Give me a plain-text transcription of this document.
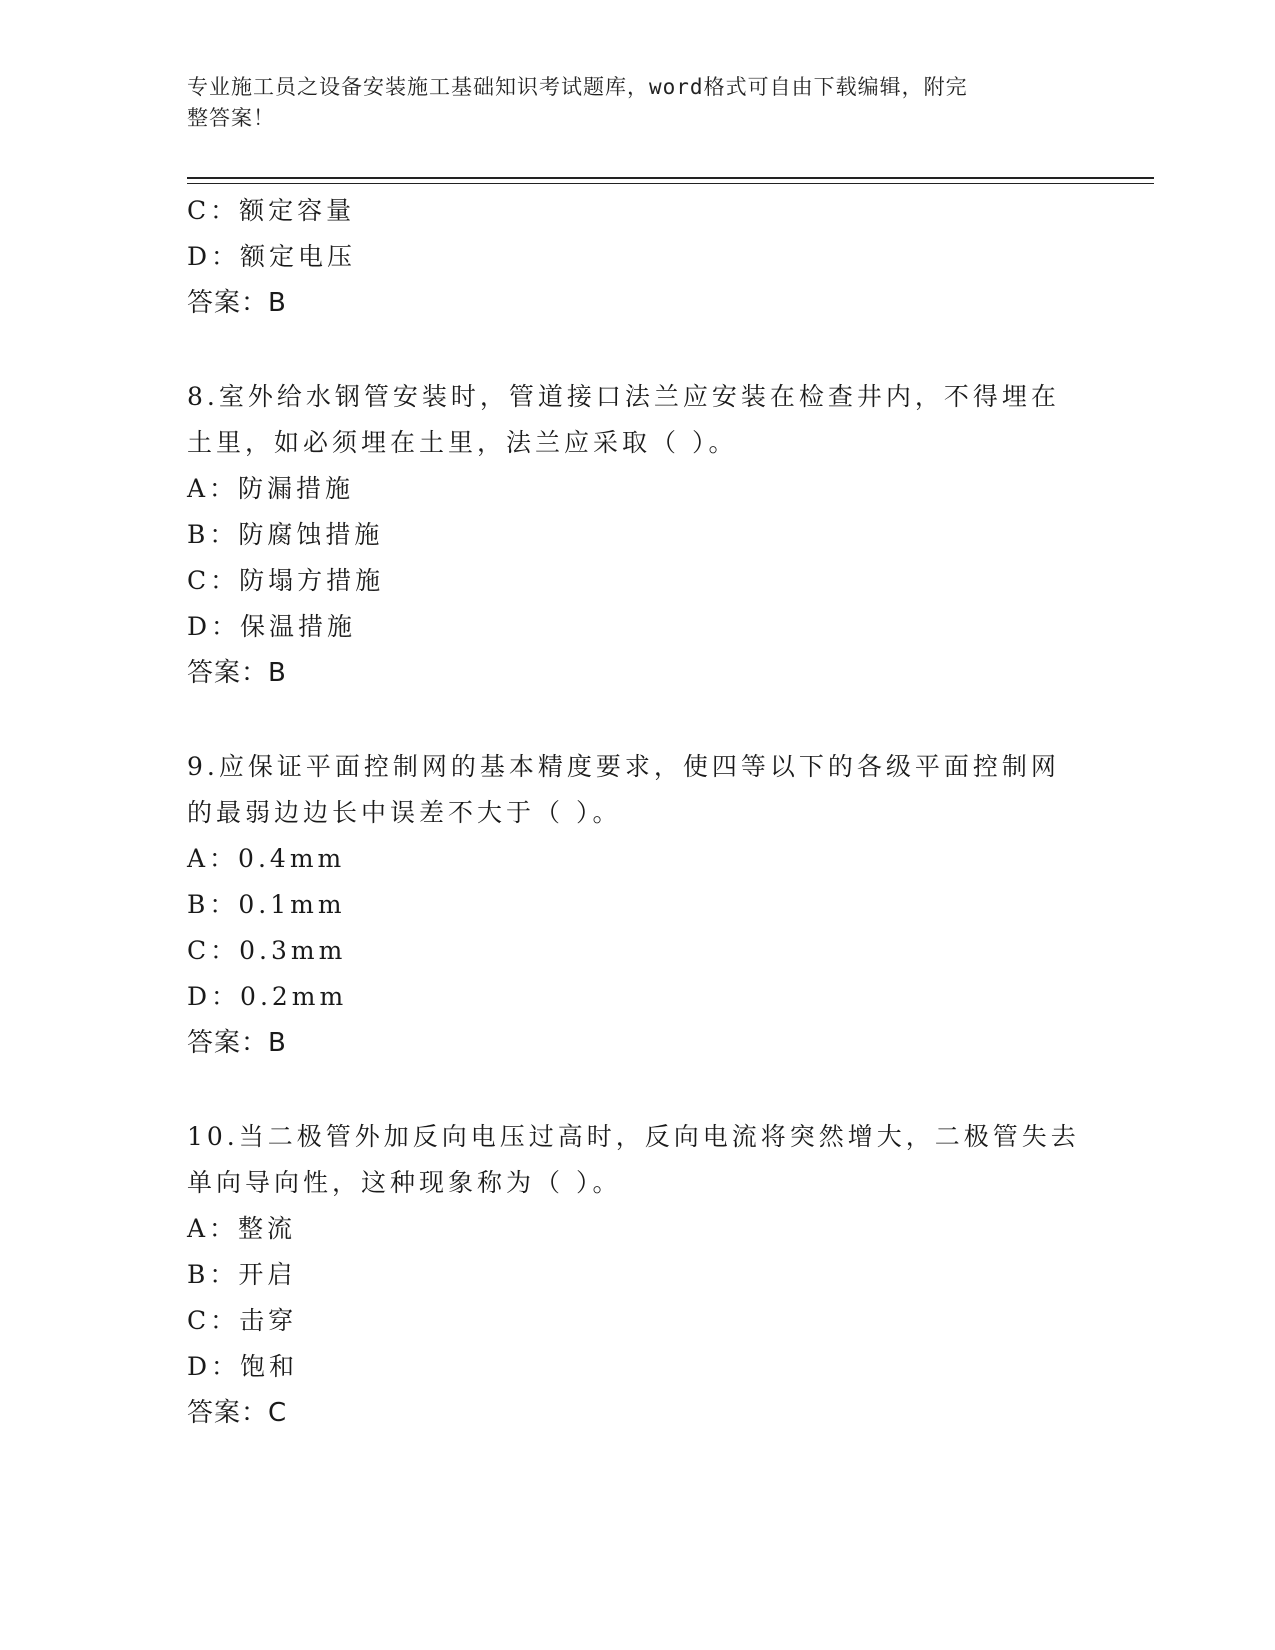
专业施工员之设备安装施工基础知识考试题库，word格式可自由下载编辑，附完
整答案！
C：额定容量
D：额定电压
答案：B
8.室外给水钢管安装时，管道接口法兰应安装在检查井内，不得埋在
土里，如必须埋在土里，法兰应采取（ ）。
A：防漏措施
B：防腐蚀措施
C：防塌方措施
D：保温措施
答案：B
9.应保证平面控制网的基本精度要求，使四等以下的各级平面控制网
的最弱边边长中误差不大于（ ）。
A：0.4mm
B：0.1mm
C：0.3mm
D：0.2mm
答案：B
10.当二极管外加反向电压过高时，反向电流将突然增大，二极管失去
单向导向性，这种现象称为（ ）。
A：整流
B：开启
C：击穿
D：饱和
答案：C
